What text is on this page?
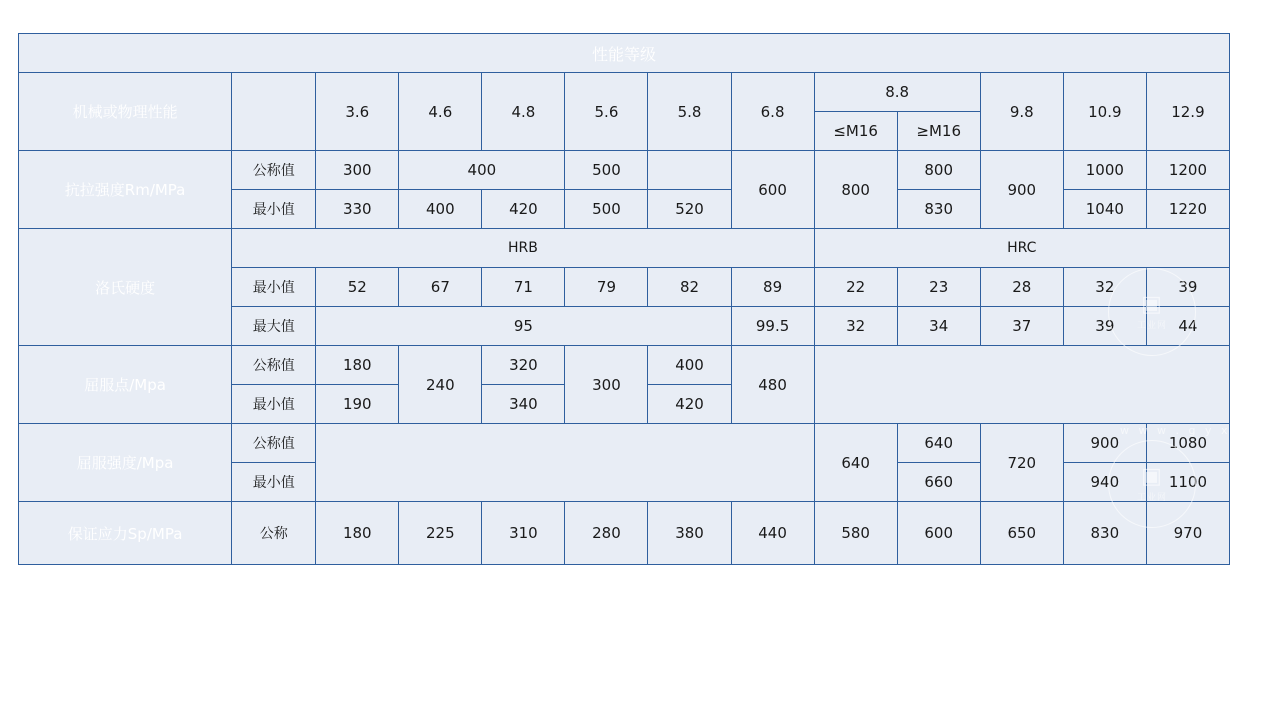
▣
工业网
▣
工业网
w w w . g y x 3
性能等级												
机械或物理性能		3.6	4.6	4.8	5.6	5.8	6.8	8.8		9.8	10.9	12.9
								≤M16	≥M16			
抗拉强度Rm/MPa	公称值	300	400		500		600	800	800	900	1000	1200
	最小值	330	400	420	500	520			830		1040	1220
洛氏硬度	HRB							HRC				
	最小值	52	67	71	79	82	89	22	23	28	32	39
	最大值	95					99.5	32	34	37	39	44
屈服点/Mpa	公称值	180	240	320	300	400	480					
	最小值	190		340		420						
屈服强度/Mpa	公称值							640	640	720	900	1080
	最小值								660		940	1100
保证应力Sp/MPa	公称	180	225	310	280	380	440	580	600	650	830	970
